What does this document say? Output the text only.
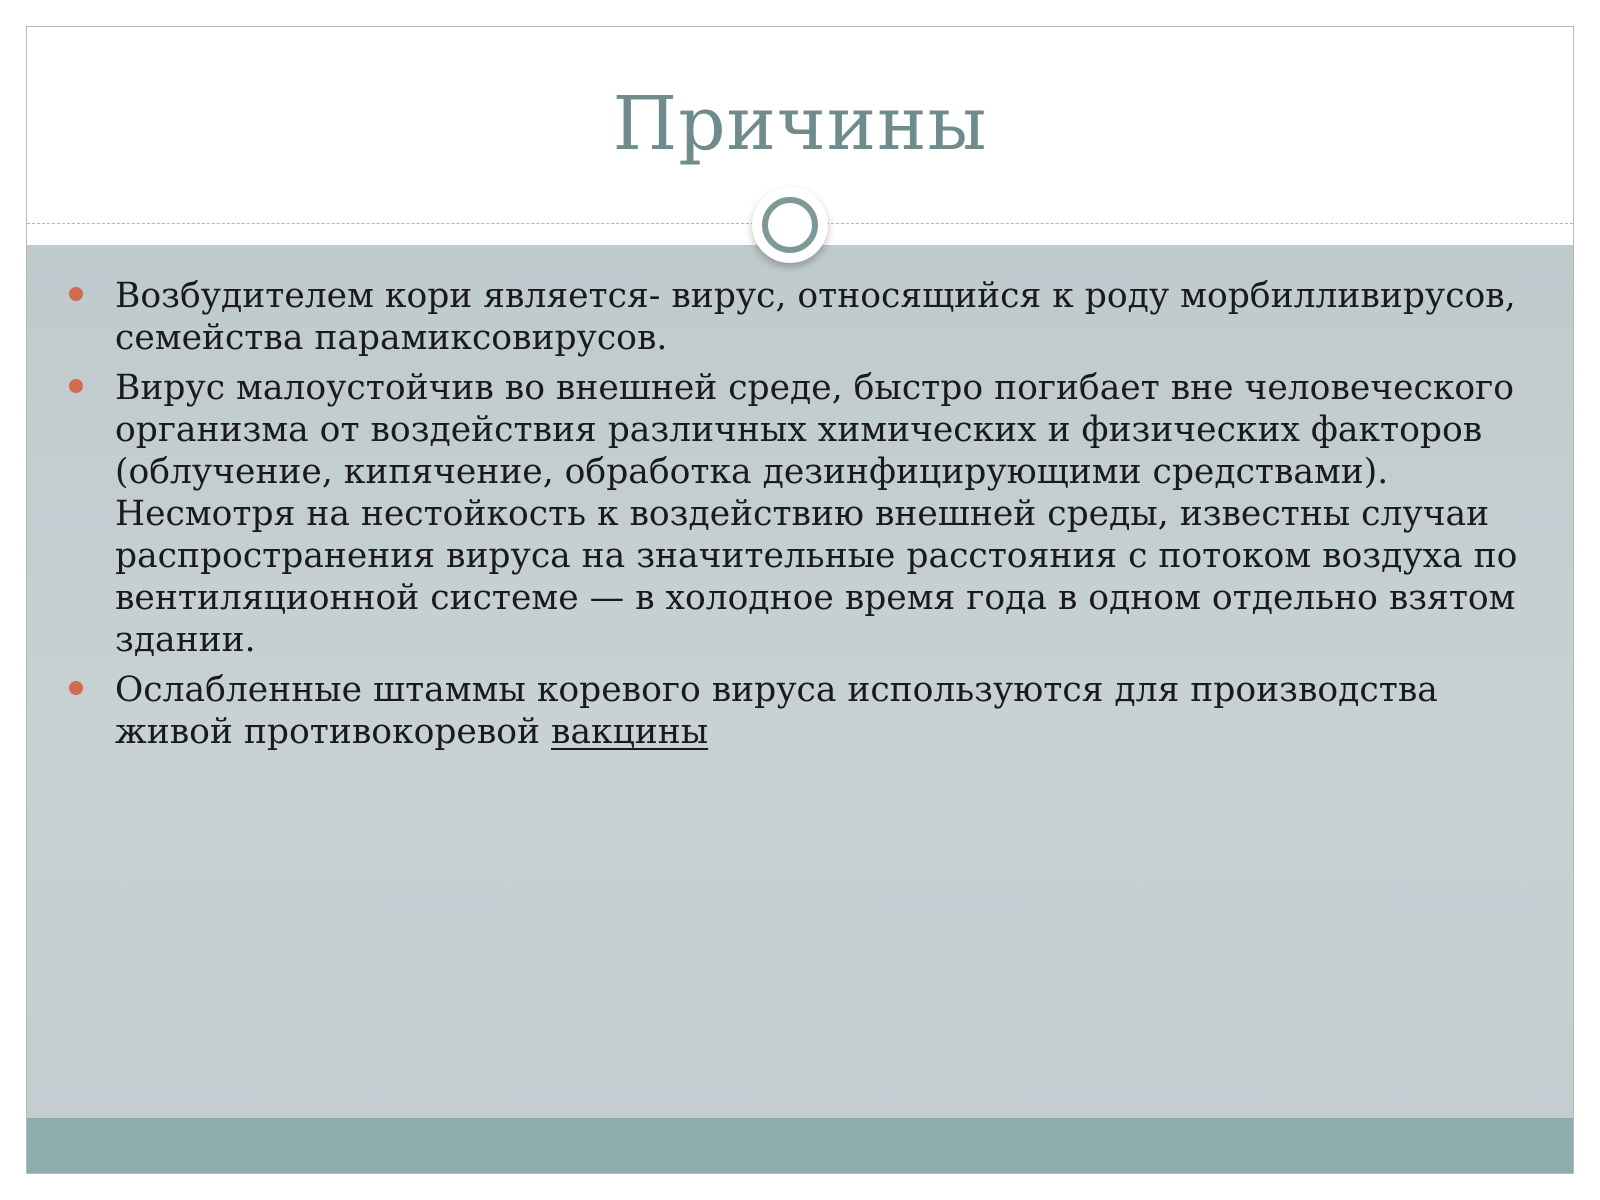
Причины
Возбудителем кори является- вирус, относящийся к роду морбилливирусов, семейства парамиксовирусов.
Вирус малоустойчив во внешней среде, быстро погибает вне человеческого организма от воздействия различных химических и физических факторов (облучение, кипячение, обработка дезинфицирующими средствами). Несмотря на нестойкость к воздействию внешней среды, известны случаи распространения вируса на значительные расстояния с потоком воздуха по вентиляционной системе — в холодное время года в одном отдельно взятом здании.
Ослабленные штаммы коревого вируса используются для производства живой противокоревой вакцины
